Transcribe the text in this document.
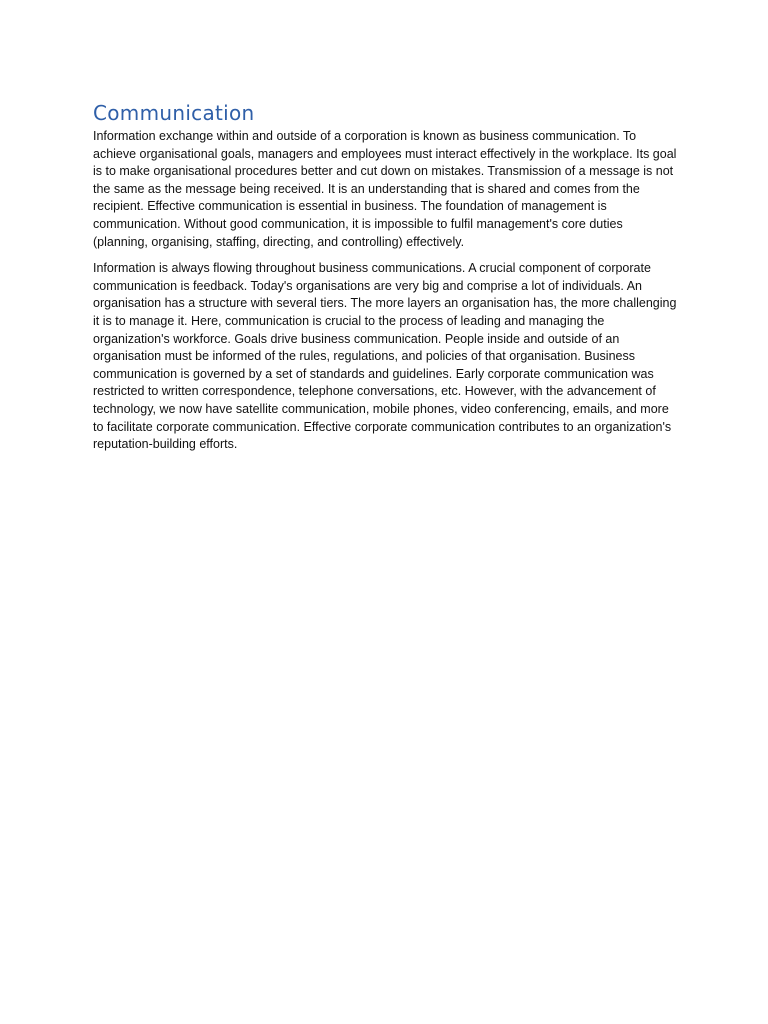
Communication

Information exchange within and outside of a corporation is known as business communication. To achieve organisational goals, managers and employees must interact effectively in the workplace. Its goal is to make organisational procedures better and cut down on mistakes. Transmission of a message is not the same as the message being received. It is an understanding that is shared and comes from the recipient. Effective communication is essential in business. The foundation of management is communication. Without good communication, it is impossible to fulfil management's core duties (planning, organising, staffing, directing, and controlling) effectively.

Information is always flowing throughout business communications. A crucial component of corporate communication is feedback. Today's organisations are very big and comprise a lot of individuals. An organisation has a structure with several tiers. The more layers an organisation has, the more challenging it is to manage it. Here, communication is crucial to the process of leading and managing the organization's workforce. Goals drive business communication. People inside and outside of an organisation must be informed of the rules, regulations, and policies of that organisation. Business communication is governed by a set of standards and guidelines. Early corporate communication was restricted to written correspondence, telephone conversations, etc. However, with the advancement of technology, we now have satellite communication, mobile phones, video conferencing, emails, and more to facilitate corporate communication. Effective corporate communication contributes to an organization's reputation-building efforts.
